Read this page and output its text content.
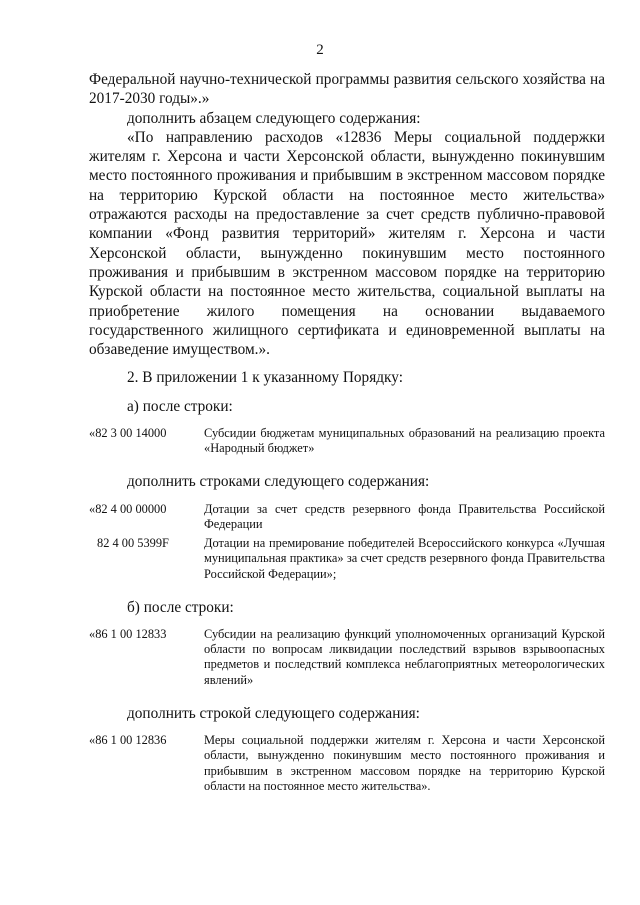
2

Федеральной научно-технической программы развития сельского хозяйства на 2017-2030 годы».»

дополнить абзацем следующего содержания:

«По направлению расходов «12836 Меры социальной поддержки жителям г. Херсона и части Херсонской области, вынужденно покинувшим место постоянного проживания и прибывшим в экстренном массовом порядке на территорию Курской области на постоянное место жительства» отражаются расходы на предоставление за счет средств публично-правовой компании «Фонд развития территорий» жителям г. Херсона и части Херсонской области, вынужденно покинувшим место постоянного проживания и прибывшим в экстренном массовом порядке на территорию Курской области на постоянное место жительства, социальной выплаты на приобретение жилого помещения на основании выдаваемого государственного жилищного сертификата и единовременной выплаты на обзаведение имуществом.».

2. В приложении 1 к указанному Порядку:

а) после строки:

«82 3 00 14000	Субсидии бюджетам муниципальных образований на реализацию проекта «Народный бюджет»

дополнить строками следующего содержания:

«82 4 00 00000	Дотации за счет средств резервного фонда Правительства Российской Федерации
82 4 00 5399F	Дотации на премирование победителей Всероссийского конкурса «Лучшая муниципальная практика» за счет средств резервного фонда Правительства Российской Федерации»;

б) после строки:

«86 1 00 12833	Субсидии на реализацию функций уполномоченных организаций Курской области по вопросам ликвидации последствий взрывов взрывоопасных предметов и последствий комплекса неблагоприятных метеорологических явлений»

дополнить строкой следующего содержания:

«86 1 00 12836	Меры социальной поддержки жителям г. Херсона и части Херсонской области, вынужденно покинувшим место постоянного проживания и прибывшим в экстренном массовом порядке на территорию Курской области на постоянное место жительства».
